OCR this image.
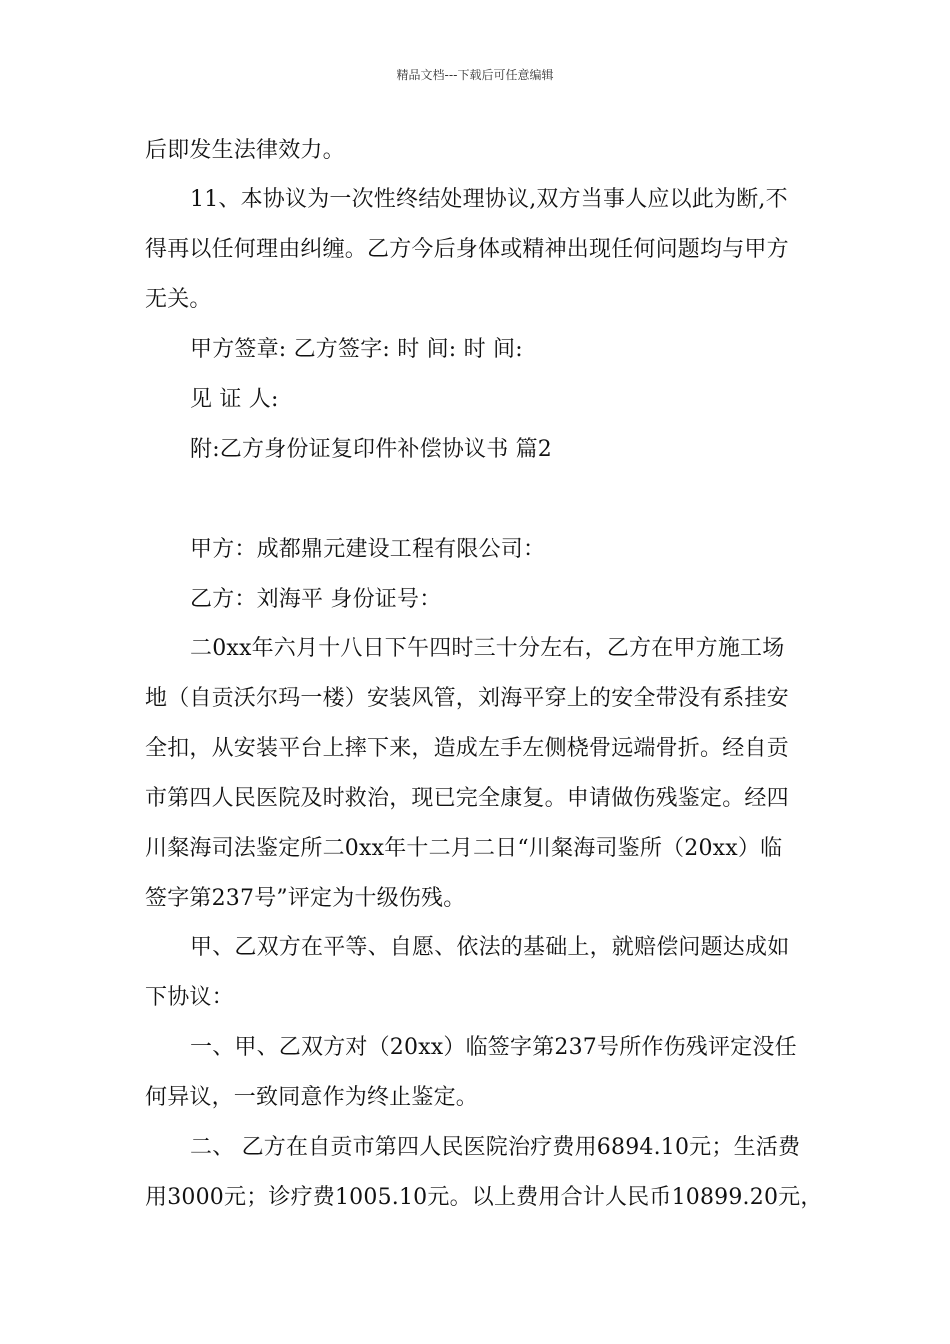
精品文档---下载后可任意编辑
后即发生法律效力。
11、本协议为一次性终结处理协议,双方当事人应以此为断,不
得再以任何理由纠缠。乙方今后身体或精神出现任何问题均与甲方
无关。
甲方签章: 乙方签字: 时 间: 时 间:
见 证 人:
附:乙方身份证复印件补偿协议书 篇2
甲方：成都鼎元建设工程有限公司：
乙方：刘海平 身份证号：
二0xx年六月十八日下午四时三十分左右，乙方在甲方施工场
地（自贡沃尔玛一楼）安装风管，刘海平穿上的安全带没有系挂安
全扣，从安装平台上摔下来，造成左手左侧桡骨远端骨折。经自贡
市第四人民医院及时救治，现已完全康复。申请做伤残鉴定。经四
川粲海司法鉴定所二0xx年十二月二日“川粲海司鉴所（20xx）临
签字第237号”评定为十级伤残。
甲、乙双方在平等、自愿、依法的基础上，就赔偿问题达成如
下协议：
一、甲、乙双方对（20xx）临签字第237号所作伤残评定没任
何异议，一致同意作为终止鉴定。
二、 乙方在自贡市第四人民医院治疗费用6894.10元；生活费
用3000元；诊疗费1005.10元。以上费用合计人民币10899.20元，
